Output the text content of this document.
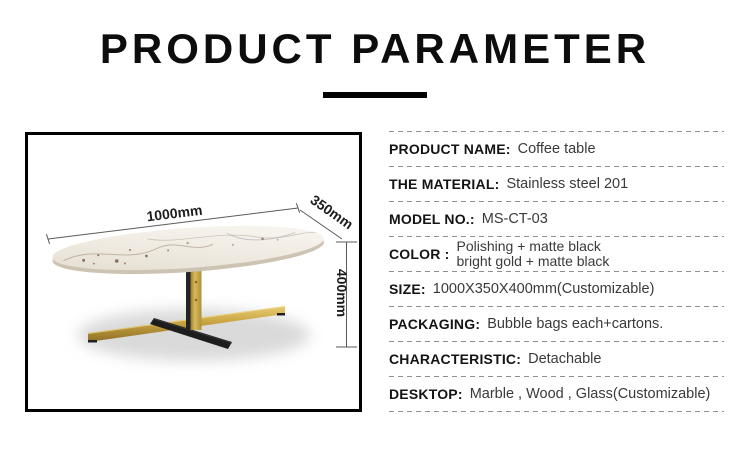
PRODUCT PARAMETER
1000mm	350mm
400mm
PRODUCT NAME: Coffee table
THE MATERIAL: Stainless steel 201
MODEL NO.: MS-CT-03
COLOR : Polishing + matte black
bright gold + matte black
SIZE: 1000X350X400mm(Customizable)
PACKAGING: Bubble bags each+cartons.
CHARACTERISTIC: Detachable
DESKTOP: Marble , Wood , Glass(Customizable)
